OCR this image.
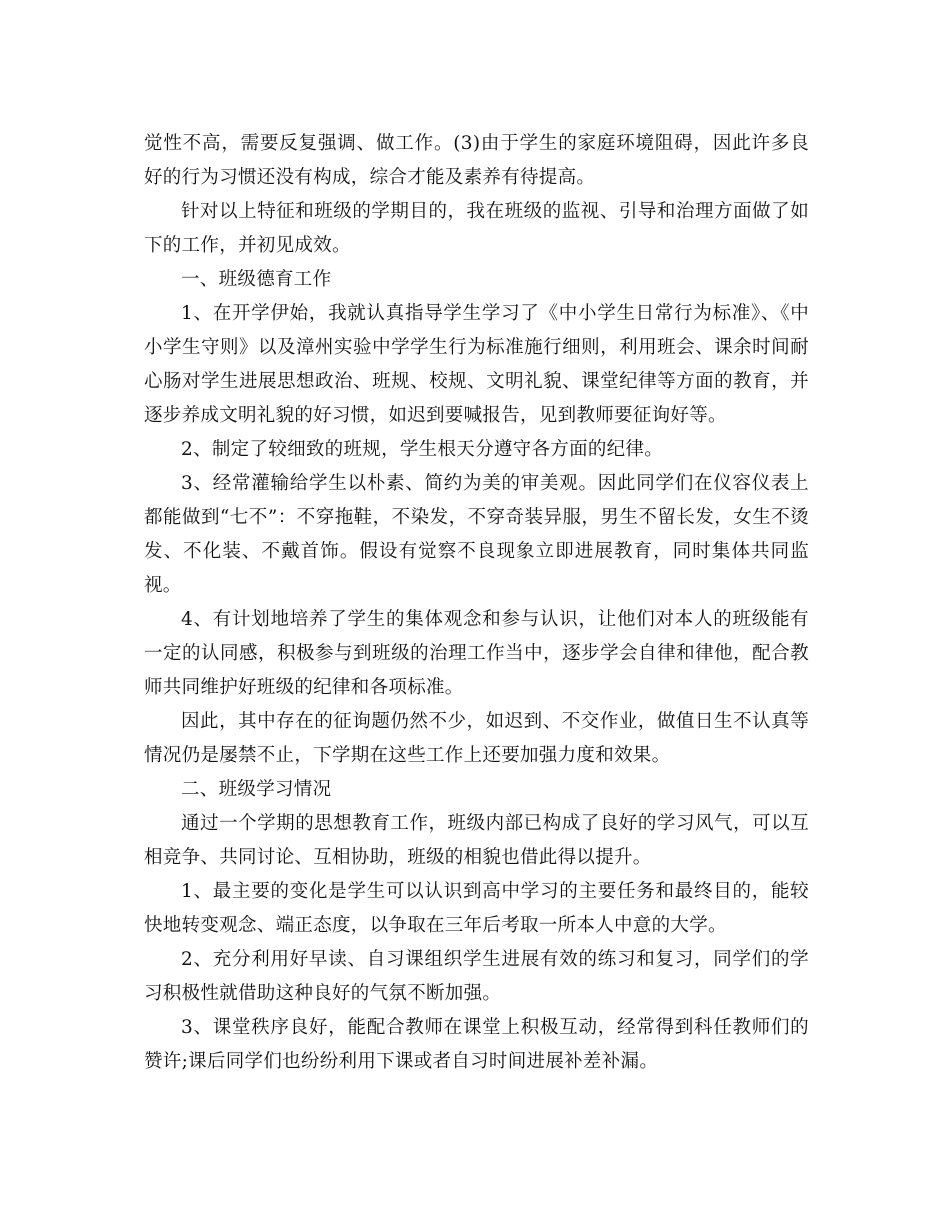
觉性不高，需要反复强调、做工作。(3)由于学生的家庭环境阻碍，因此许多良好的行为习惯还没有构成，综合才能及素养有待提高。

针对以上特征和班级的学期目的，我在班级的监视、引导和治理方面做了如下的工作，并初见成效。

一、班级德育工作

1、在开学伊始，我就认真指导学生学习了《中小学生日常行为标准》、《中小学生守则》以及漳州实验中学学生行为标准施行细则，利用班会、课余时间耐心肠对学生进展思想政治、班规、校规、文明礼貌、课堂纪律等方面的教育，并逐步养成文明礼貌的好习惯，如迟到要喊报告，见到教师要征询好等。

2、制定了较细致的班规，学生根天分遵守各方面的纪律。

3、经常灌输给学生以朴素、简约为美的审美观。因此同学们在仪容仪表上都能做到“七不”：不穿拖鞋，不染发，不穿奇装异服，男生不留长发，女生不烫发、不化装、不戴首饰。假设有觉察不良现象立即进展教育，同时集体共同监视。

4、有计划地培养了学生的集体观念和参与认识，让他们对本人的班级能有一定的认同感，积极参与到班级的治理工作当中，逐步学会自律和律他，配合教师共同维护好班级的纪律和各项标准。

因此，其中存在的征询题仍然不少，如迟到、不交作业，做值日生不认真等情况仍是屡禁不止，下学期在这些工作上还要加强力度和效果。

二、班级学习情况

通过一个学期的思想教育工作，班级内部已构成了良好的学习风气，可以互相竞争、共同讨论、互相协助，班级的相貌也借此得以提升。

1、最主要的变化是学生可以认识到高中学习的主要任务和最终目的，能较快地转变观念、端正态度，以争取在三年后考取一所本人中意的大学。

2、充分利用好早读、自习课组织学生进展有效的练习和复习，同学们的学习积极性就借助这种良好的气氛不断加强。

3、课堂秩序良好，能配合教师在课堂上积极互动，经常得到科任教师们的赞许;课后同学们也纷纷利用下课或者自习时间进展补差补漏。
